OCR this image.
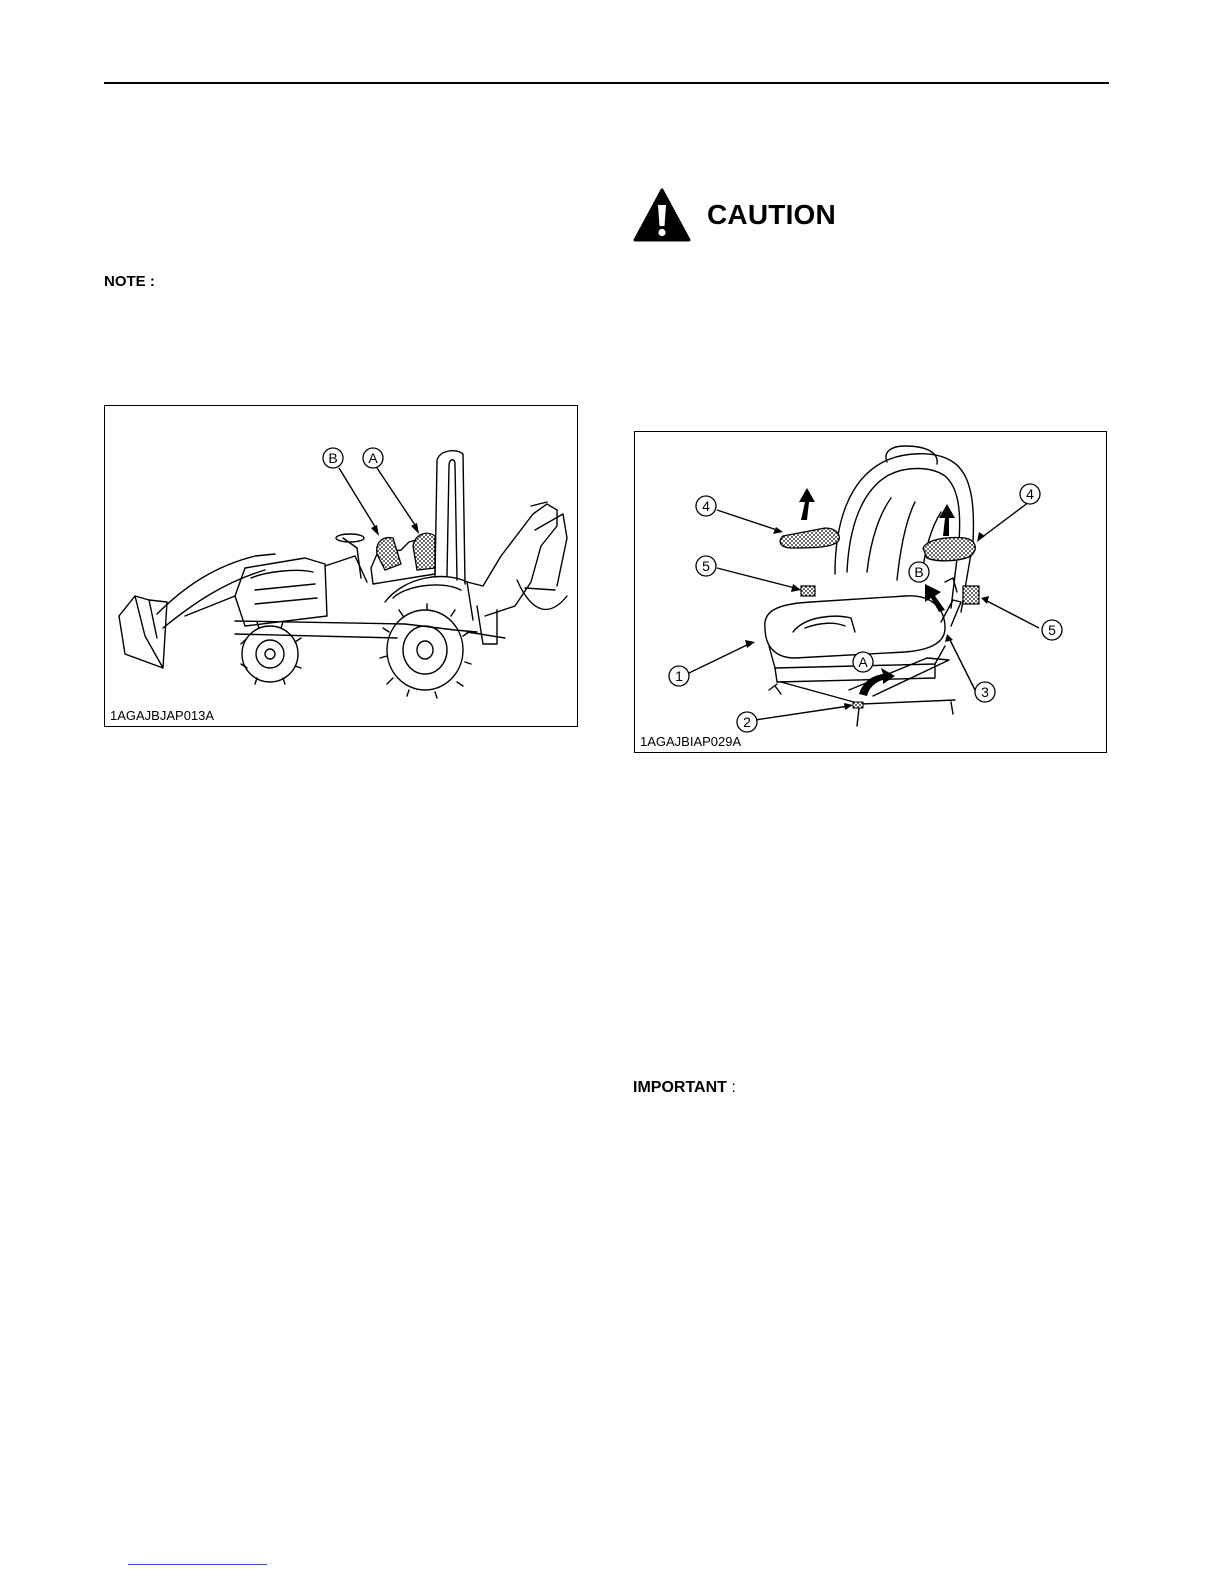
NOTE :
CAUTION
IMPORTANT :
B A
1AGAJBJAP013A
4
4
5
5
1
2
3
A
B
1AGAJBIAP029A
